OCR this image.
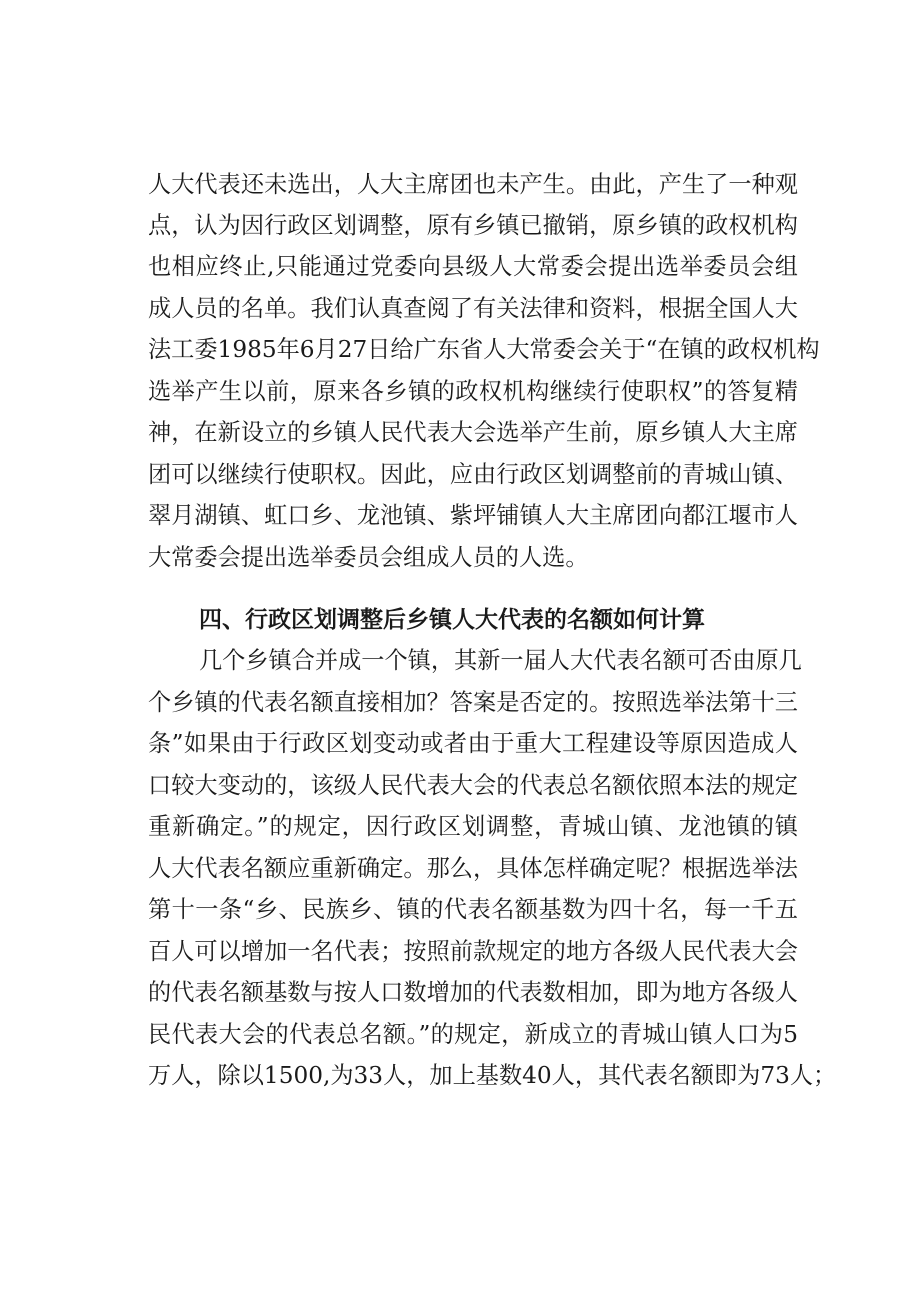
人大代表还未选出，人大主席团也未产生。由此，产生了一种观
点，认为因行政区划调整，原有乡镇已撤销，原乡镇的政权机构
也相应终止,只能通过党委向县级人大常委会提出选举委员会组
成人员的名单。我们认真查阅了有关法律和资料，根据全国人大
法工委1985年6月27日给广东省人大常委会关于“在镇的政权机构
选举产生以前，原来各乡镇的政权机构继续行使职权”的答复精
神，在新设立的乡镇人民代表大会选举产生前，原乡镇人大主席
团可以继续行使职权。因此，应由行政区划调整前的青城山镇、
翠月湖镇、虹口乡、龙池镇、紫坪铺镇人大主席团向都江堰市人
大常委会提出选举委员会组成人员的人选。
四、行政区划调整后乡镇人大代表的名额如何计算
几个乡镇合并成一个镇，其新一届人大代表名额可否由原几
个乡镇的代表名额直接相加？答案是否定的。按照选举法第十三
条”如果由于行政区划变动或者由于重大工程建设等原因造成人
口较大变动的，该级人民代表大会的代表总名额依照本法的规定
重新确定。”的规定，因行政区划调整，青城山镇、龙池镇的镇
人大代表名额应重新确定。那么，具体怎样确定呢？根据选举法
第十一条“乡、民族乡、镇的代表名额基数为四十名，每一千五
百人可以增加一名代表；按照前款规定的地方各级人民代表大会
的代表名额基数与按人口数增加的代表数相加，即为地方各级人
民代表大会的代表总名额。”的规定，新成立的青城山镇人口为5
万人，除以1500,为33人，加上基数40人，其代表名额即为73人；
